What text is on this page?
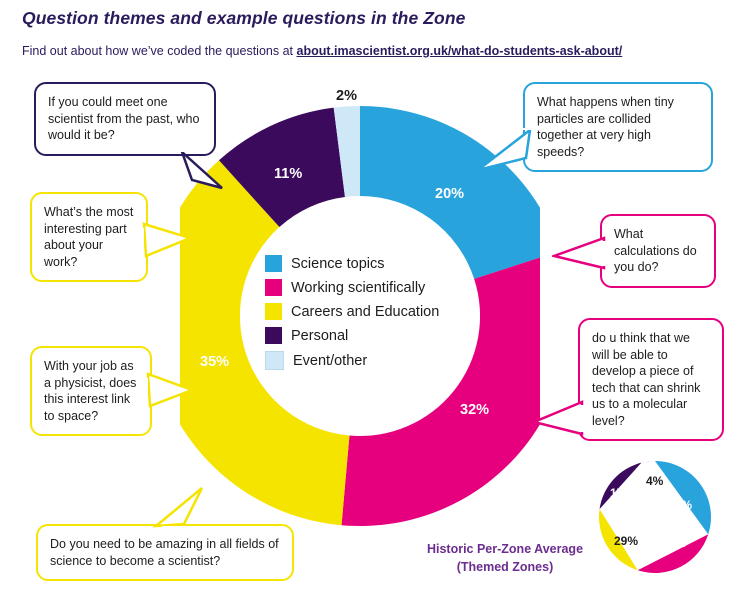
Question themes and example questions in the Zone
Find out about how we’ve coded the questions at about.imascientist.org.uk/what-do-students-ask-about/
20%
32%
35%
11%
2%
Science topics
Working scientifically
Careers and Education
Personal
Event/other
If you could meet one scientist from the past, who would it be?
What happens when tiny particles are collided together at very high speeds?
What’s the most interesting part about your work?
What calculations do you do?
With your job as a physicist, does this interest link to space?
do u think that we will be able to develop a piece of tech that can shrink us to a molecular level?
Do you need to be amazing in all fields of science to become a scientist?
30%
20%
29%
17%
4%
Historic Per-Zone Average
(Themed Zones)
